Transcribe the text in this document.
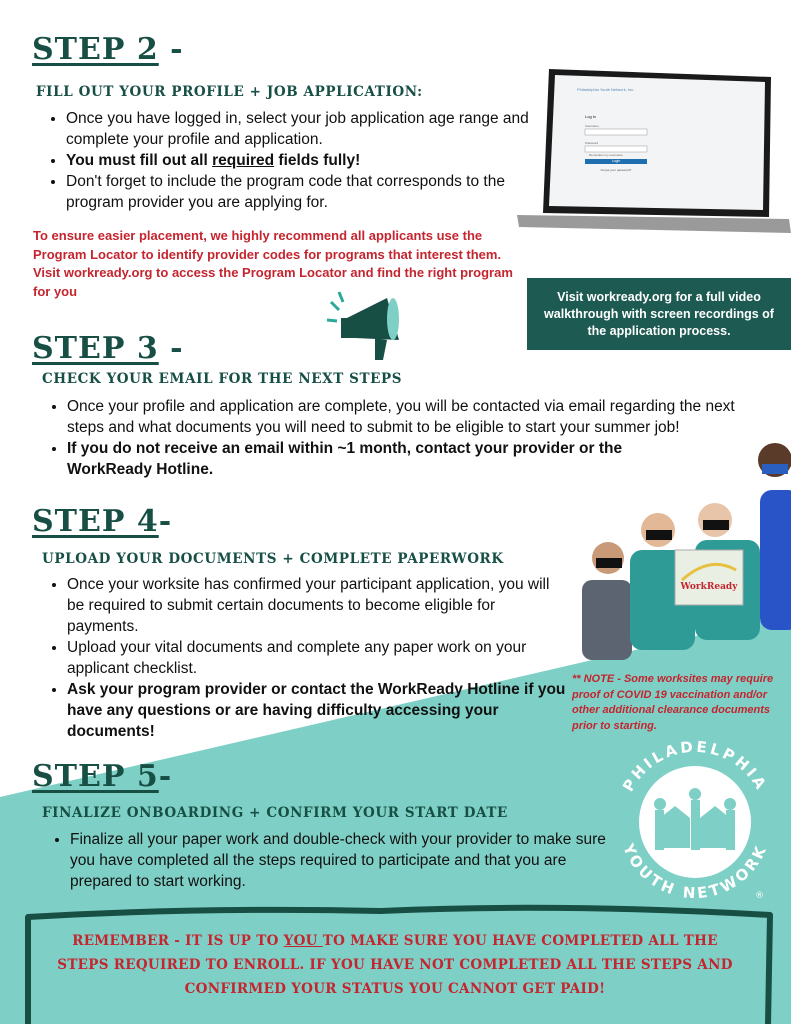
STEP 2 -
FILL OUT YOUR PROFILE + JOB APPLICATION:
• Once you have logged in, select your job application age range and complete your profile and application.
• You must fill out all required fields fully!
• Don't forget to include the program code that corresponds to the program provider you are applying for.
To ensure easier placement, we highly recommend all applicants use the Program Locator to identify provider codes for programs that interest them. Visit workready.org to access the Program Locator and find the right program for you
Philadelphia Youth Network, Inc.
Log in
Username
Password
Remember my username
Login
Forgot your password?
Visit workready.org for a full video walkthrough with screen recordings of the application process.
STEP 3 -
CHECK YOUR EMAIL FOR THE NEXT STEPS
• Once your profile and application are complete, you will be contacted via email regarding the next steps and what documents you will need to submit to be eligible to start your summer job!
• If you do not receive an email within ~1 month, contact your provider or the WorkReady Hotline.
STEP 4-
UPLOAD YOUR DOCUMENTS + COMPLETE PAPERWORK
• Once your worksite has confirmed your participant application, you will be required to submit certain documents to become eligible for payments.
• Upload your vital documents and complete any paper work on your applicant checklist.
• Ask your program provider or contact the WorkReady Hotline if you have any questions or are having difficulty accessing your documents!
WorkReady
** NOTE - Some worksites may require proof of COVID 19 vaccination and/or other additional clearance documents prior to starting.
STEP 5-
FINALIZE ONBOARDING + CONFIRM YOUR START DATE
• Finalize all your paper work and double-check with your provider to make sure you have completed all the steps required to participate and that you are prepared to start working.
PHILADELPHIA
YOUTH NETWORK
®
REMEMBER - IT IS UP TO YOU TO MAKE SURE YOU HAVE COMPLETED ALL THE STEPS REQUIRED TO ENROLL. IF YOU HAVE NOT COMPLETED ALL THE STEPS AND CONFIRMED YOUR STATUS YOU CANNOT GET PAID!
